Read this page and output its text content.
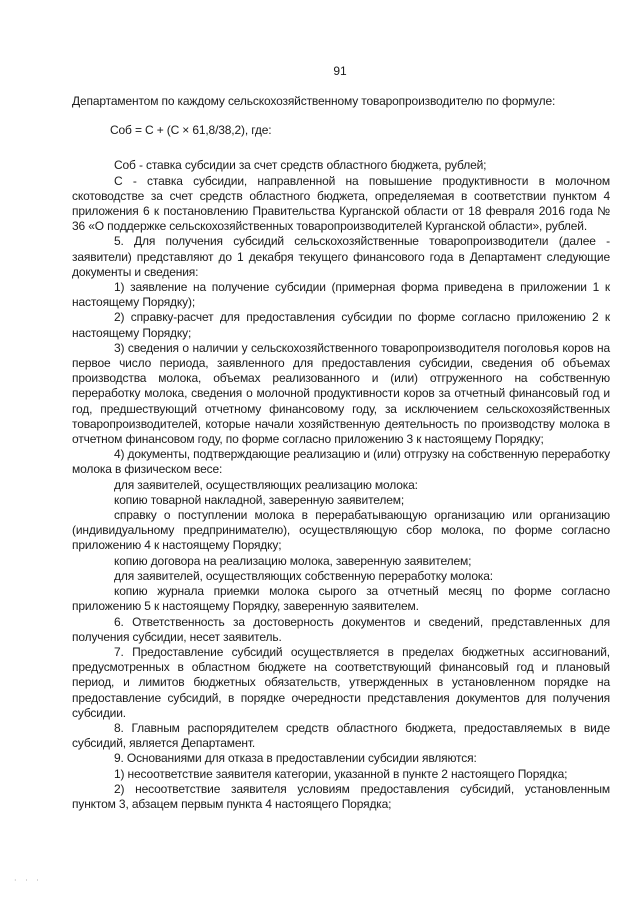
91

Департаментом по каждому сельскохозяйственному товаропроизводителю по формуле:

Соб = С + (С × 61,8/38,2), где:

Соб - ставка субсидии за счет средств областного бюджета, рублей;

С - ставка субсидии, направленной на повышение продуктивности в молочном скотоводстве за счет средств областного бюджета, определяемая в соответствии пунктом 4 приложения 6 к постановлению Правительства Курганской области от 18 февраля 2016 года № 36 «О поддержке сельскохозяйственных товаропроизводителей Курганской области», рублей.

5. Для получения субсидий сельскохозяйственные товаропроизводители (далее - заявители) представляют до 1 декабря текущего финансового года в Департамент следующие документы и сведения:

1) заявление на получение субсидии (примерная форма приведена в приложении 1 к настоящему Порядку);

2) справку-расчет для предоставления субсидии по форме согласно приложению 2 к настоящему Порядку;

3) сведения о наличии у сельскохозяйственного товаропроизводителя поголовья коров на первое число периода, заявленного для предоставления субсидии, сведения об объемах производства молока, объемах реализованного и (или) отгруженного на собственную переработку молока, сведения о молочной продуктивности коров за отчетный финансовый год и год, предшествующий отчетному финансовому году, за исключением сельскохозяйственных товаропроизводителей, которые начали хозяйственную деятельность по производству молока в отчетном финансовом году, по форме согласно приложению 3 к настоящему Порядку;

4) документы, подтверждающие реализацию и (или) отгрузку на собственную переработку молока в физическом весе:

для заявителей, осуществляющих реализацию молока:

копию товарной накладной, заверенную заявителем;

справку о поступлении молока в перерабатывающую организацию или организацию (индивидуальному предпринимателю), осуществляющую сбор молока, по форме согласно приложению 4 к настоящему Порядку;

копию договора на реализацию молока, заверенную заявителем;

для заявителей, осуществляющих собственную переработку молока:

копию журнала приемки молока сырого за отчетный месяц по форме согласно приложению 5 к настоящему Порядку, заверенную заявителем.

6. Ответственность за достоверность документов и сведений, представленных для получения субсидии, несет заявитель.

7. Предоставление субсидий осуществляется в пределах бюджетных ассигнований, предусмотренных в областном бюджете на соответствующий финансовый год и плановый период, и лимитов бюджетных обязательств, утвержденных в установленном порядке на предоставление субсидий, в порядке очередности представления документов для получения субсидии.

8. Главным распорядителем средств областного бюджета, предоставляемых в виде субсидий, является Департамент.

9. Основаниями для отказа в предоставлении субсидии являются:

1) несоответствие заявителя категории, указанной в пункте 2 настоящего Порядка;

2) несоответствие заявителя условиям предоставления субсидий, установленным пунктом 3, абзацем первым пункта 4 настоящего Порядка;

· · ·
